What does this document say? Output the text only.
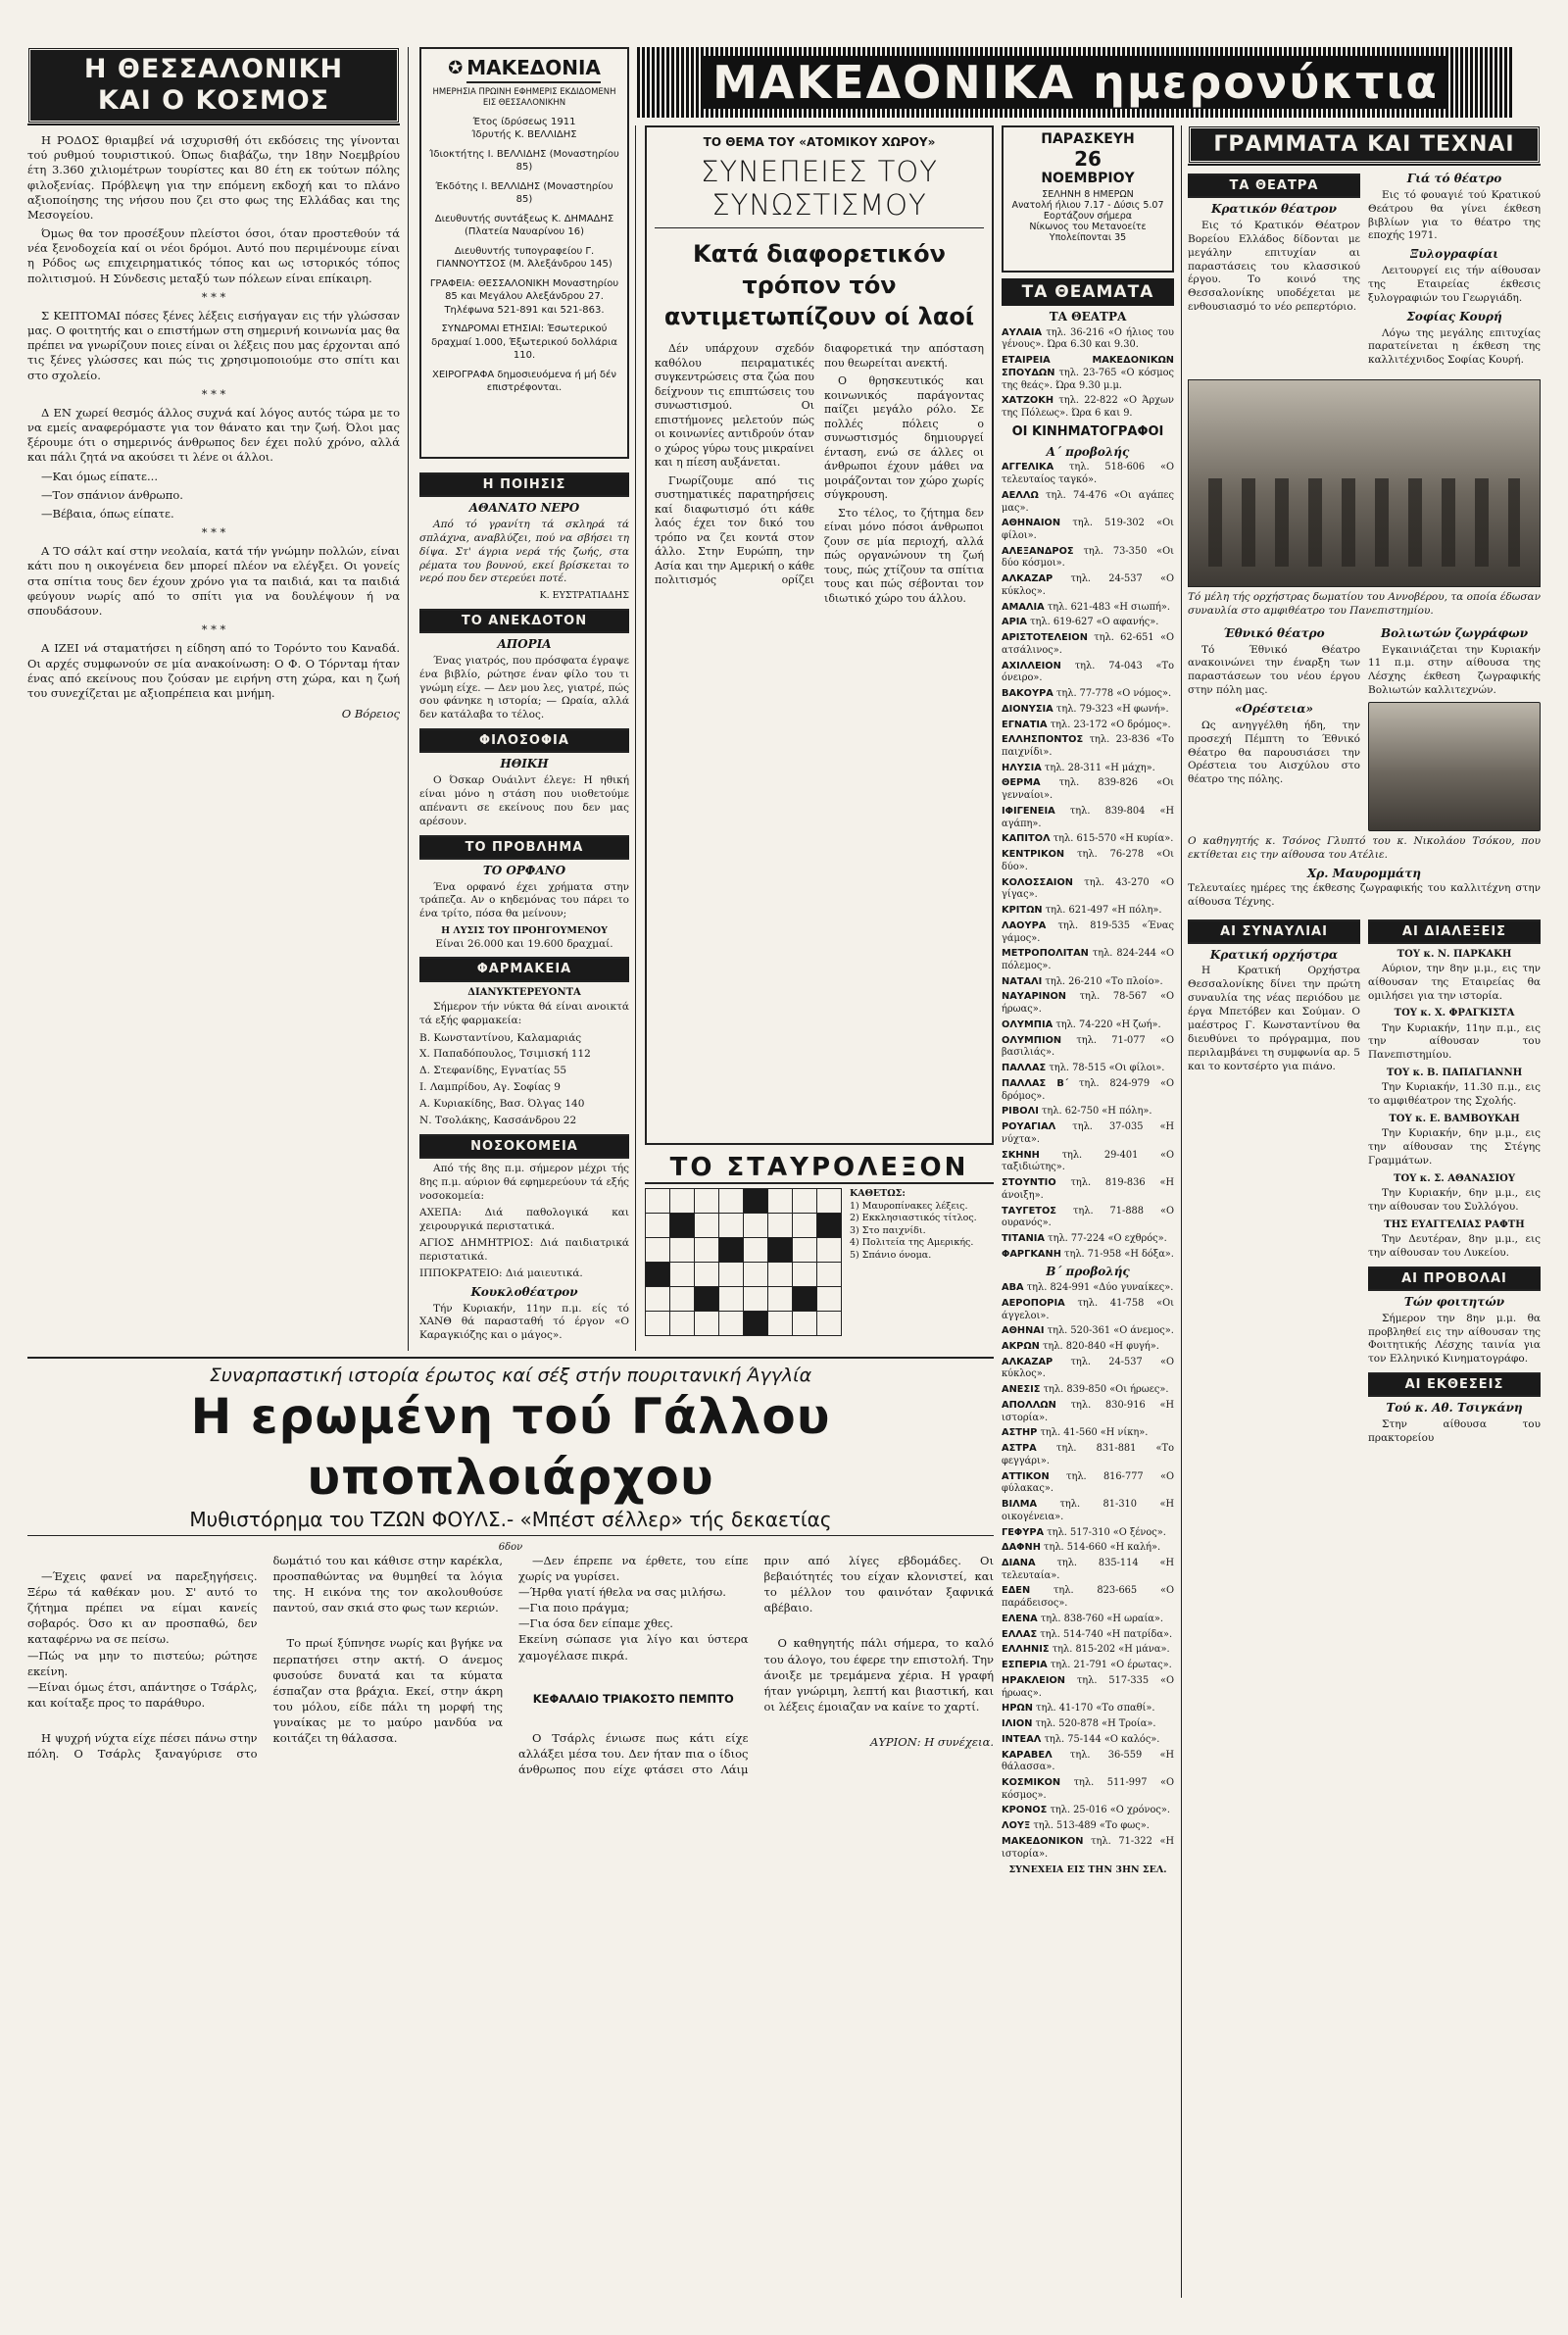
Η ΘΕΣΣΑΛΟΝΙΚΗ
ΚΑΙ Ο ΚΟΣΜΟΣ

Η ΡΟΔΟΣ θριαμβεί νά ισχυρισθή ότι εκδόσεις της γίνονται τού ρυθμού τουριστικού. Όπως διαβάζω, την 18ην Νοεμβρίου έτη 3.360 χιλιομέτρων τουρίστες και 80 έτη εκ τούτων πόλης φιλοξενίας. Πρόβλεψη για την επόμενη εκδοχή και το πλάνο αξιοποίησης της νήσου που ζει στο φως της Ελλάδας και της Μεσογείου.

Όμως θα τον προσέξουν πλείστοι όσοι, όταν προστεθούν τά νέα ξενοδοχεία καί οι νέοι δρόμοι. Αυτό που περιμένουμε είναι η Ρόδος ως επιχειρηματικός τόπος και ως ιστορικός τόπος πολιτισμού. Η Σύνδεσις μεταξύ των πόλεων είναι επίκαιρη.

* * *

Σ ΚΕΠΤΟΜΑΙ πόσες ξένες λέξεις εισήγαγαν εις τήν γλώσσαν μας. Ο φοιτητής και ο επιστήμων στη σημερινή κοινωνία μας θα πρέπει να γνωρίζουν ποιες είναι οι λέξεις που μας έρχονται από τις ξένες γλώσσες και πώς τις χρησιμοποιούμε στο σπίτι και στο σχολείο.

* * *

Δ ΕΝ χωρεί θεσμός άλλος συχνά καί λόγος αυτός τώρα με το να εμείς αναφερόμαστε για τον θάνατο και την ζωή. Όλοι μας ξέρουμε ότι ο σημερινός άνθρωπος δεν έχει πολύ χρόνο, αλλά και πάλι ζητά να ακούσει τι λένε οι άλλοι.

—Και όμως είπατε...

—Τον σπάνιον άνθρωπο.

—Βέβαια, όπως είπατε.

* * *

Α ΤΟ σάλτ καί στην νεολαία, κατά τήν γνώμην πολλών, είναι κάτι που η οικογένεια δεν μπορεί πλέον να ελέγξει. Οι γονείς στα σπίτια τους δεν έχουν χρόνο για τα παιδιά, και τα παιδιά φεύγουν νωρίς από το σπίτι για να δουλέψουν ή να σπουδάσουν.

* * *

Α ΙΖΕΙ νά σταματήσει η είδηση από το Τορόντο του Καναδά. Οι αρχές συμφωνούν σε μία ανακοίνωση: Ο Φ. Ο Τόρνταμ ήταν ένας από εκείνους που ζούσαν με ειρήνη στη χώρα, και η ζωή του συνεχίζεται με αξιοπρέπεια και μνήμη.

Ο Βόρειος
✪ ΜΑΚΕΔΟΝΙΑ
ΗΜΕΡΗΣΙΑ ΠΡΩΙΝΗ ΕΦΗΜΕΡΙΣ ΕΚΔΙΔΟΜΕΝΗ ΕΙΣ ΘΕΣΣΑΛΟΝΙΚΗΝ
Έτος ίδρύσεως 1911
Ίδρυτής Κ. ΒΕΛΛΙΔΗΣ
Ίδιοκτήτης Ι. ΒΕΛΛΙΔΗΣ (Μοναστηρίου 85)
Έκδότης Ι. ΒΕΛΛΙΔΗΣ (Μοναστηρίου 85)
Διευθυντής συντάξεως Κ. ΔΗΜΑΔΗΣ (Πλατεία Ναυαρίνου 16)
Διευθυντής τυπογραφείου Γ. ΓΙΑΝΝΟΥΤΣΟΣ (Μ. Άλεξάνδρου 145)
ΓΡΑΦΕΙΑ: ΘΕΣΣΑΛΟΝΙΚΗ Μοναστηρίου 85 και Μεγάλου Αλεξάνδρου 27. Τηλέφωνα 521-891 και 521-863.
ΣΥΝΔΡΟΜΑΙ ΕΤΗΣΙΑΙ: Έσωτερικού δραχμαί 1.000, Έξωτερικού δολλάρια 110.
ΧΕΙΡΟΓΡΑΦΑ δημοσιευόμενα ή μή δέν επιστρέφονται.
ΜΑΚΕΔΟΝΙΚΑ ημερονύκτια
Η ΠΟΙΗΣΙΣ
ΑΘΑΝΑΤΟ ΝΕΡΟ

Από τό γρανίτη τά σκληρά τά σπλάχνα, αναβλύζει, πού να σβήσει τη δίψα. Στ' άγρια νερά τής ζωής, στα ρέματα του βουνού, εκεί βρίσκεται το νερό που δεν στερεύει ποτέ.

Κ. ΕΥΣΤΡΑΤΙΑΔΗΣ
ΤΟ ΑΝΕΚΔΟΤΟΝ
ΑΠΟΡΙΑ

Ένας γιατρός, που πρόσφατα έγραψε ένα βιβλίο, ρώτησε έναν φίλο του τι γνώμη είχε. — Δεν μου λες, γιατρέ, πώς σου φάνηκε η ιστορία; — Ωραία, αλλά δεν κατάλαβα το τέλος.

ΦΙΛΟΣΟΦΙΑ
ΗΘΙΚΗ

Ο Όσκαρ Ουάιλντ έλεγε: Η ηθική είναι μόνο η στάση που υιοθετούμε απέναντι σε εκείνους που δεν μας αρέσουν.

ΤΟ ΠΡΟΒΛΗΜΑ
ΤΟ ΟΡΦΑΝΟ

Ένα ορφανό έχει χρήματα στην τράπεζα. Αν ο κηδεμόνας του πάρει το ένα τρίτο, πόσα θα μείνουν;

Η ΛΥΣΙΣ ΤΟΥ ΠΡΟΗΓΟΥΜΕΝΟΥ
Είναι 26.000 και 19.600 δραχμαί.
ΦΑΡΜΑΚΕΙΑ
ΔΙΑΝΥΚΤΕΡΕΥΟΝΤΑ

Σήμερον τήν νύκτα θά είναι ανοικτά τά εξής φαρμακεία:

Β. Κωνσταντίνου, Καλαμαριάς
Χ. Παπαδόπουλος, Τσιμισκή 112
Δ. Στεφανίδης, Εγνατίας 55
Ι. Λαμπρίδου, Αγ. Σοφίας 9
Α. Κυριακίδης, Βασ. Όλγας 140
Ν. Τσολάκης, Κασσάνδρου 22
ΝΟΣΟΚΟΜΕΙΑ

Από τής 8ης π.μ. σήμερον μέχρι τής 8ης π.μ. αύριον θά εφημερεύουν τά εξής νοσοκομεία:

ΑΧΕΠΑ: Διά παθολογικά και χειρουργικά περιστατικά.
ΑΓΙΟΣ ΔΗΜΗΤΡΙΟΣ: Διά παιδιατρικά περιστατικά.
ΙΠΠΟΚΡΑΤΕΙΟ: Διά μαιευτικά.
Κουκλοθέατρον

Τήν Κυριακήν, 11ην π.μ. είς τό ΧΑΝΘ θά παρασταθή τό έργον «Ο Καραγκιόζης και ο μάγος».

ΤΟ ΘΕΜΑ ΤΟΥ «ΑΤΟΜΙΚΟΥ ΧΩΡΟΥ»
ΣΥΝΕΠΕΙΕΣ ΤΟΥ ΣΥΝΩΣΤΙΣΜΟΥ
Κατά διαφορετικόν τρόπον τόν αντιμετωπίζουν οί λαοί

Δέν υπάρχουν σχεδόν καθόλου πειραματικές συγκεντρώσεις στα ζώα που δείχνουν τις επιπτώσεις του συνωστισμού. Οι επιστήμονες μελετούν πώς οι κοινωνίες αντιδρούν όταν ο χώρος γύρω τους μικραίνει και η πίεση αυξάνεται.

Γνωρίζουμε από τις συστηματικές παρατηρήσεις καί διαφωτισμό ότι κάθε λαός έχει τον δικό του τρόπο να ζει κοντά στον άλλο. Στην Ευρώπη, την Ασία και την Αμερική ο κάθε πολιτισμός ορίζει διαφορετικά την απόσταση που θεωρείται ανεκτή.

Ο θρησκευτικός και κοινωνικός παράγοντας παίζει μεγάλο ρόλο. Σε πολλές πόλεις ο συνωστισμός δημιουργεί ένταση, ενώ σε άλλες οι άνθρωποι έχουν μάθει να μοιράζονται τον χώρο χωρίς σύγκρουση.

Στο τέλος, το ζήτημα δεν είναι μόνο πόσοι άνθρωποι ζουν σε μία περιοχή, αλλά πώς οργανώνουν τη ζωή τους, πώς χτίζουν τα σπίτια τους και πώς σέβονται τον ιδιωτικό χώρο του άλλου.

ΤΟ ΣΤΑΥΡΟΛΕΞΟΝ

ΚΑΘΕΤΩΣ:
1) Μαυροπίνακες λέξεις.
2) Εκκλησιαστικός τίτλος.
3) Στο παιχνίδι.
4) Πολιτεία της Αμερικής.
5) Σπάνιο όνομα.
ΠΑΡΑΣΚΕΥΗ
26
ΝΟΕΜΒΡΙΟΥ
ΣΕΛΗΝΗ 8 ΗΜΕΡΩΝ
Ανατολή ήλιου 7.17 - Δύσις 5.07
Εορτάζουν σήμερα
Νίκωνος του Μετανοείτε
Υπολείπονται 35
ΤΑ ΘΕΑΜΑΤΑ
ΤΑ ΘΕΑΤΡΑ
ΑΥΛΑΙΑ τηλ. 36-216 «Ο ήλιος του γένους». Ώρα 6.30 και 9.30.
ΕΤΑΙΡΕΙΑ ΜΑΚΕΔΟΝΙΚΩΝ ΣΠΟΥΔΩΝ τηλ. 23-765 «Ο κόσμος της θεάς». Ώρα 9.30 μ.μ.
ΧΑΤΖΟΚΗ τηλ. 22-822 «Ο Άρχων της Πόλεως». Ώρα 6 και 9.
ΟΙ ΚΙΝΗΜΑΤΟΓΡΑΦΟΙ
Α΄ προβολής
ΑΓΓΕΛΙΚΑ τηλ. 518-606 «Ο τελευταίος ταγκό».
ΑΕΛΛΩ τηλ. 74-476 «Οι αγάπες μας».
ΑΘΗΝΑΙΟΝ τηλ. 519-302 «Οι φίλοι».
ΑΛΕΞΑΝΔΡΟΣ τηλ. 73-350 «Οι δύο κόσμοι».
ΑΛΚΑΖΑΡ τηλ. 24-537 «Ο κύκλος».
ΑΜΑΛΙΑ τηλ. 621-483 «Η σιωπή».
ΑΡΙΑ τηλ. 619-627 «Ο αφανής».
ΑΡΙΣΤΟΤΕΛΕΙΟΝ τηλ. 62-651 «Ο ατσάλινος».
ΑΧΙΛΛΕΙΟΝ τηλ. 74-043 «Το όνειρο».
ΒΑΚΟΥΡΑ τηλ. 77-778 «Ο νόμος».
ΔΙΟΝΥΣΙΑ τηλ. 79-323 «Η φωνή».
ΕΓΝΑΤΙΑ τηλ. 23-172 «Ο δρόμος».
ΕΛΛΗΣΠΟΝΤΟΣ τηλ. 23-836 «Το παιχνίδι».
ΗΛΥΣΙΑ τηλ. 28-311 «Η μάχη».
ΘΕΡΜΑ τηλ. 839-826 «Οι γενναίοι».
ΙΦΙΓΕΝΕΙΑ τηλ. 839-804 «Η αγάπη».
ΚΑΠΙΤΟΛ τηλ. 615-570 «Η κυρία».
ΚΕΝΤΡΙΚΟΝ τηλ. 76-278 «Οι δύο».
ΚΟΛΟΣΣΑΙΟΝ τηλ. 43-270 «Ο γίγας».
ΚΡΙΤΩΝ τηλ. 621-497 «Η πόλη».
ΛΑΟΥΡΑ τηλ. 819-535 «Ένας γάμος».
ΜΕΤΡΟΠΟΛΙΤΑΝ τηλ. 824-244 «Ο πόλεμος».
ΝΑΤΑΛΙ τηλ. 26-210 «Το πλοίο».
ΝΑΥΑΡΙΝΟΝ τηλ. 78-567 «Ο ήρωας».
ΟΛΥΜΠΙΑ τηλ. 74-220 «Η ζωή».
ΟΛΥΜΠΙΟΝ τηλ. 71-077 «Ο βασιλιάς».
ΠΑΛΛΑΣ τηλ. 78-515 «Οι φίλοι».
ΠΑΛΛΑΣ Β΄ τηλ. 824-979 «Ο δρόμος».
ΡΙΒΟΛΙ τηλ. 62-750 «Η πόλη».
ΡΟΥΑΓΙΑΛ τηλ. 37-035 «Η νύχτα».
ΣΚΗΝΗ τηλ. 29-401 «Ο ταξιδιώτης».
ΣΤΟΥΝΤΙΟ τηλ. 819-836 «Η άνοιξη».
ΤΑΥΓΕΤΟΣ τηλ. 71-888 «Ο ουρανός».
ΤΙΤΑΝΙΑ τηλ. 77-224 «Ο εχθρός».
ΦΑΡΓΚΑΝΗ τηλ. 71-958 «Η δόξα».
Β΄ προβολής
ΑΒΑ τηλ. 824-991 «Δύο γυναίκες».
ΑΕΡΟΠΟΡΙΑ τηλ. 41-758 «Οι άγγελοι».
ΑΘΗΝΑΙ τηλ. 520-361 «Ο άνεμος».
ΑΚΡΩΝ τηλ. 820-840 «Η φυγή».
ΑΛΚΑΖΑΡ τηλ. 24-537 «Ο κύκλος».
ΑΝΕΣΙΣ τηλ. 839-850 «Οι ήρωες».
ΑΠΟΛΛΩΝ τηλ. 830-916 «Η ιστορία».
ΑΣΤΗΡ τηλ. 41-560 «Η νίκη».
ΑΣΤΡΑ τηλ. 831-881 «Το φεγγάρι».
ΑΤΤΙΚΟΝ τηλ. 816-777 «Ο φύλακας».
ΒΙΛΜΑ τηλ. 81-310 «Η οικογένεια».
ΓΕΦΥΡΑ τηλ. 517-310 «Ο ξένος».
ΔΑΦΝΗ τηλ. 514-660 «Η καλή».
ΔΙΑΝΑ τηλ. 835-114 «Η τελευταία».
ΕΔΕΝ τηλ. 823-665 «Ο παράδεισος».
ΕΛΕΝΑ τηλ. 838-760 «Η ωραία».
ΕΛΛΑΣ τηλ. 514-740 «Η πατρίδα».
ΕΛΛΗΝΙΣ τηλ. 815-202 «Η μάνα».
ΕΣΠΕΡΙΑ τηλ. 21-791 «Ο έρωτας».
ΗΡΑΚΛΕΙΟΝ τηλ. 517-335 «Ο ήρωας».
ΗΡΩΝ τηλ. 41-170 «Το σπαθί».
ΙΛΙΟΝ τηλ. 520-878 «Η Τροία».
ΙΝΤΕΑΛ τηλ. 75-144 «Ο καλός».
ΚΑΡΑΒΕΛ τηλ. 36-559 «Η θάλασσα».
ΚΟΣΜΙΚΟΝ τηλ. 511-997 «Ο κόσμος».
ΚΡΟΝΟΣ τηλ. 25-016 «Ο χρόνος».
ΛΟΥΞ τηλ. 513-489 «Το φως».
ΜΑΚΕΔΟΝΙΚΟΝ τηλ. 71-322 «Η ιστορία».
ΣΥΝΕΧΕΙΑ ΕΙΣ ΤΗΝ 3ΗΝ ΣΕΛ.
ΓΡΑΜΜΑΤΑ ΚΑΙ ΤΕΧΝΑΙ
ΤΑ ΘΕΑΤΡΑ
Κρατικόν θέατρον

Εις τό Κρατικόν Θέατρον Βορείου Ελλάδος δίδονται με μεγάλην επιτυχίαν αι παραστάσεις του κλασσικού έργου. Το κοινό της Θεσσαλονίκης υποδέχεται με ενθουσιασμό το νέο ρεπερτόριο.

Γιά τό θέατρο

Εις τό φουαγιέ τού Κρατικού Θεάτρου θα γίνει έκθεση βιβλίων για το θέατρο της εποχής 1971.

Ξυλογραφίαι

Λειτουργεί εις τήν αίθουσαν της Εταιρείας έκθεσις ξυλογραφιών του Γεωργιάδη.

Σοφίας Κουρή

Λόγω της μεγάλης επιτυχίας παρατείνεται η έκθεση της καλλιτέχνιδος Σοφίας Κουρή.

Τό μέλη τής ορχήστρας δωματίου του Αννοβέρου, τα οποία έδωσαν συναυλία στο αμφιθέατρο του Πανεπιστημίου.
Έθνικό θέατρο

Τό Έθνικό Θέατρο ανακοινώνει την έναρξη των παραστάσεων του νέου έργου στην πόλη μας.

«Ορέστεια»

Ως ανηγγέλθη ήδη, την προσεχή Πέμπτη το Έθνικό Θέατρο θα παρουσιάσει την Ορέστεια του Αισχύλου στο θέατρο της πόλης.

Βολιωτών ζωγράφων

Εγκαινιάζεται την Κυριακήν 11 π.μ. στην αίθουσα της Λέσχης έκθεση ζωγραφικής Βολιωτών καλλιτεχνών.

Ο καθηγητής κ. Τσόνος Γλυπτό του κ. Νικολάου Τσόκου, που εκτίθεται εις την αίθουσα του Ατέλιε.
Χρ. Μαυρομμάτη

Τελευταίες ημέρες της έκθεσης ζωγραφικής του καλλιτέχνη στην αίθουσα Τέχνης.

ΑΙ ΣΥΝΑΥΛΙΑΙ
Κρατική ορχήστρα

Η Κρατική Ορχήστρα Θεσσαλονίκης δίνει την πρώτη συναυλία της νέας περιόδου με έργα Μπετόβεν και Σούμαν. Ο μαέστρος Γ. Κωνσταντίνου θα διευθύνει το πρόγραμμα, που περιλαμβάνει τη συμφωνία αρ. 5 και το κοντσέρτο για πιάνο.

ΑΙ ΔΙΑΛΕΞΕΙΣ
ΤΟΥ κ. Ν. ΠΑΡΚΑΚΗ

Αύριον, την 8ην μ.μ., εις την αίθουσαν της Εταιρείας θα ομιλήσει για την ιστορία.

ΤΟΥ κ. Χ. ΦΡΑΓΚΙΣΤΑ

Την Κυριακήν, 11ην π.μ., εις την αίθουσαν του Πανεπιστημίου.

ΤΟΥ κ. Β. ΠΑΠΑΓΙΑΝΝΗ

Την Κυριακήν, 11.30 π.μ., εις το αμφιθέατρον της Σχολής.

ΤΟΥ κ. Ε. ΒΑΜΒΟΥΚΑΗ

Την Κυριακήν, 6ην μ.μ., εις την αίθουσαν της Στέγης Γραμμάτων.

ΤΟΥ κ. Σ. ΑΘΑΝΑΣΙΟΥ

Την Κυριακήν, 6ην μ.μ., εις την αίθουσαν του Συλλόγου.

ΤΗΣ ΕΥΑΓΓΕΛΙΑΣ ΡΑΦΤΗ

Την Δευτέραν, 8ην μ.μ., εις την αίθουσαν του Λυκείου.

ΑΙ ΠΡΟΒΟΛΑΙ
Τών φοιτητών

Σήμερον την 8ην μ.μ. θα προβληθεί εις την αίθουσαν της Φοιτητικής Λέσχης ταινία για τον Ελληνικό Κινηματογράφο.

ΑΙ ΕΚΘΕΣΕΙΣ
Τού κ. Αθ. Τσιγκάνη

Στην αίθουσα του πρακτορείου

Συναρπαστική ιστορία έρωτος καί σέξ στήν πουριτανική Άγγλία
Η ερωμένη τού Γάλλου υποπλοιάρχου
Μυθιστόρημα του ΤΖΩΝ ΦΟΥΛΣ.- «Μπέστ σέλλερ» τής δεκαετίας
6δον

—Έχεις φανεί να παρεξηγήσεις. Ξέρω τά καθέκαν μου. Σ' αυτό το ζήτημα πρέπει να είμαι κανείς σοβαρός. Όσο κι αν προσπαθώ, δεν καταφέρνω να σε πείσω.
—Πώς να μην το πιστεύω; ρώτησε εκείνη.
—Είναι όμως έτσι, απάντησε ο Τσάρλς, και κοίταξε προς το παράθυρο.

Η ψυχρή νύχτα είχε πέσει πάνω στην πόλη. Ο Τσάρλς ξαναγύρισε στο δωμάτιό του και κάθισε στην καρέκλα, προσπαθώντας να θυμηθεί τα λόγια της. Η εικόνα της τον ακολουθούσε παντού, σαν σκιά στο φως των κεριών.

Το πρωί ξύπνησε νωρίς και βγήκε να περπατήσει στην ακτή. Ο άνεμος φυσούσε δυνατά και τα κύματα έσπαζαν στα βράχια. Εκεί, στην άκρη του μόλου, είδε πάλι τη μορφή της γυναίκας με το μαύρο μανδύα να κοιτάζει τη θάλασσα.

—Δεν έπρεπε να έρθετε, του είπε χωρίς να γυρίσει.
—Ήρθα γιατί ήθελα να σας μιλήσω.
—Για ποιο πράγμα;
—Για όσα δεν είπαμε χθες.
Εκείνη σώπασε για λίγο και ύστερα χαμογέλασε πικρά.

ΚΕΦΑΛΑΙΟ ΤΡΙΑΚΟΣΤΟ ΠΕΜΠΤΟ

Ο Τσάρλς ένιωσε πως κάτι είχε αλλάξει μέσα του. Δεν ήταν πια ο ίδιος άνθρωπος που είχε φτάσει στο Λάιμ πριν από λίγες εβδομάδες. Οι βεβαιότητές του είχαν κλονιστεί, και το μέλλον του φαινόταν ξαφνικά αβέβαιο.

Ο καθηγητής πάλι σήμερα, το καλό του άλογο, του έφερε την επιστολή. Την άνοιξε με τρεμάμενα χέρια. Η γραφή ήταν γνώριμη, λεπτή και βιαστική, και οι λέξεις έμοιαζαν να καίνε το χαρτί.

ΑΥΡΙΟΝ: Η συνέχεια.
